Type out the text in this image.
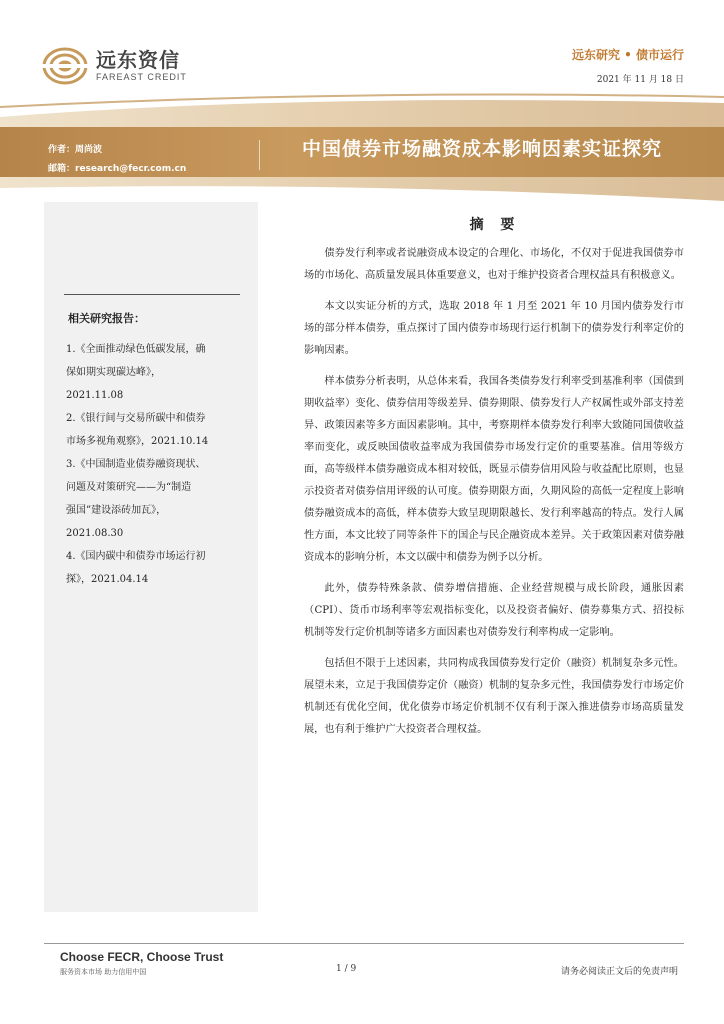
远东资信
FAREAST CREDIT
远东研究 • 债市运行
2021 年 11 月 18 日
作者：周尚波
邮箱：research@fecr.com.cn
中国债券市场融资成本影响因素实证探究
相关研究报告：
1.《全面推动绿色低碳发展，确
保如期实现碳达峰》，
2021.11.08
2.《银行间与交易所碳中和债券
市场多视角观察》，2021.10.14
3.《中国制造业债券融资现状、
问题及对策研究——为“制造
强国”建设添砖加瓦》，
2021.08.30
4.《国内碳中和债券市场运行初
探》，2021.04.14
摘 要

债券发行利率或者说融资成本设定的合理化、市场化，不仅对于促进我国债券市场的市场化、高质量发展具体重要意义，也对于维护投资者合理权益具有积极意义。

本文以实证分析的方式，选取 2018 年 1 月至 2021 年 10 月国内债券发行市场的部分样本债券，重点探讨了国内债券市场现行运行机制下的债券发行利率定价的影响因素。

样本债券分析表明，从总体来看，我国各类债券发行利率受到基准利率（国债到期收益率）变化、债券信用等级差异、债券期限、债券发行人产权属性或外部支持差异、政策因素等多方面因素影响。其中，考察期样本债券发行利率大致随同国债收益率而变化，或反映国债收益率成为我国债券市场发行定价的重要基准。信用等级方面，高等级样本债券融资成本相对较低，既显示债券信用风险与收益配比原则，也显示投资者对债券信用评级的认可度。债券期限方面，久期风险的高低一定程度上影响债券融资成本的高低，样本债券大致呈现期限越长、发行利率越高的特点。发行人属性方面，本文比较了同等条件下的国企与民企融资成本差异。关于政策因素对债券融资成本的影响分析，本文以碳中和债券为例予以分析。

此外，债券特殊条款、债券增信措施、企业经营规模与成长阶段，通胀因素（CPI）、货币市场利率等宏观指标变化，以及投资者偏好、债券募集方式、招投标机制等发行定价机制等诸多方面因素也对债券发行利率构成一定影响。

包括但不限于上述因素，共同构成我国债券发行定价（融资）机制复杂多元性。展望未来，立足于我国债券定价（融资）机制的复杂多元性，我国债券发行市场定价机制还有优化空间，优化债券市场定价机制不仅有利于深入推进债券市场高质量发展，也有利于维护广大投资者合理权益。

Choose FECR, Choose Trust
服务资本市场 助力信用中国	1 / 9	请务必阅读正文后的免责声明
